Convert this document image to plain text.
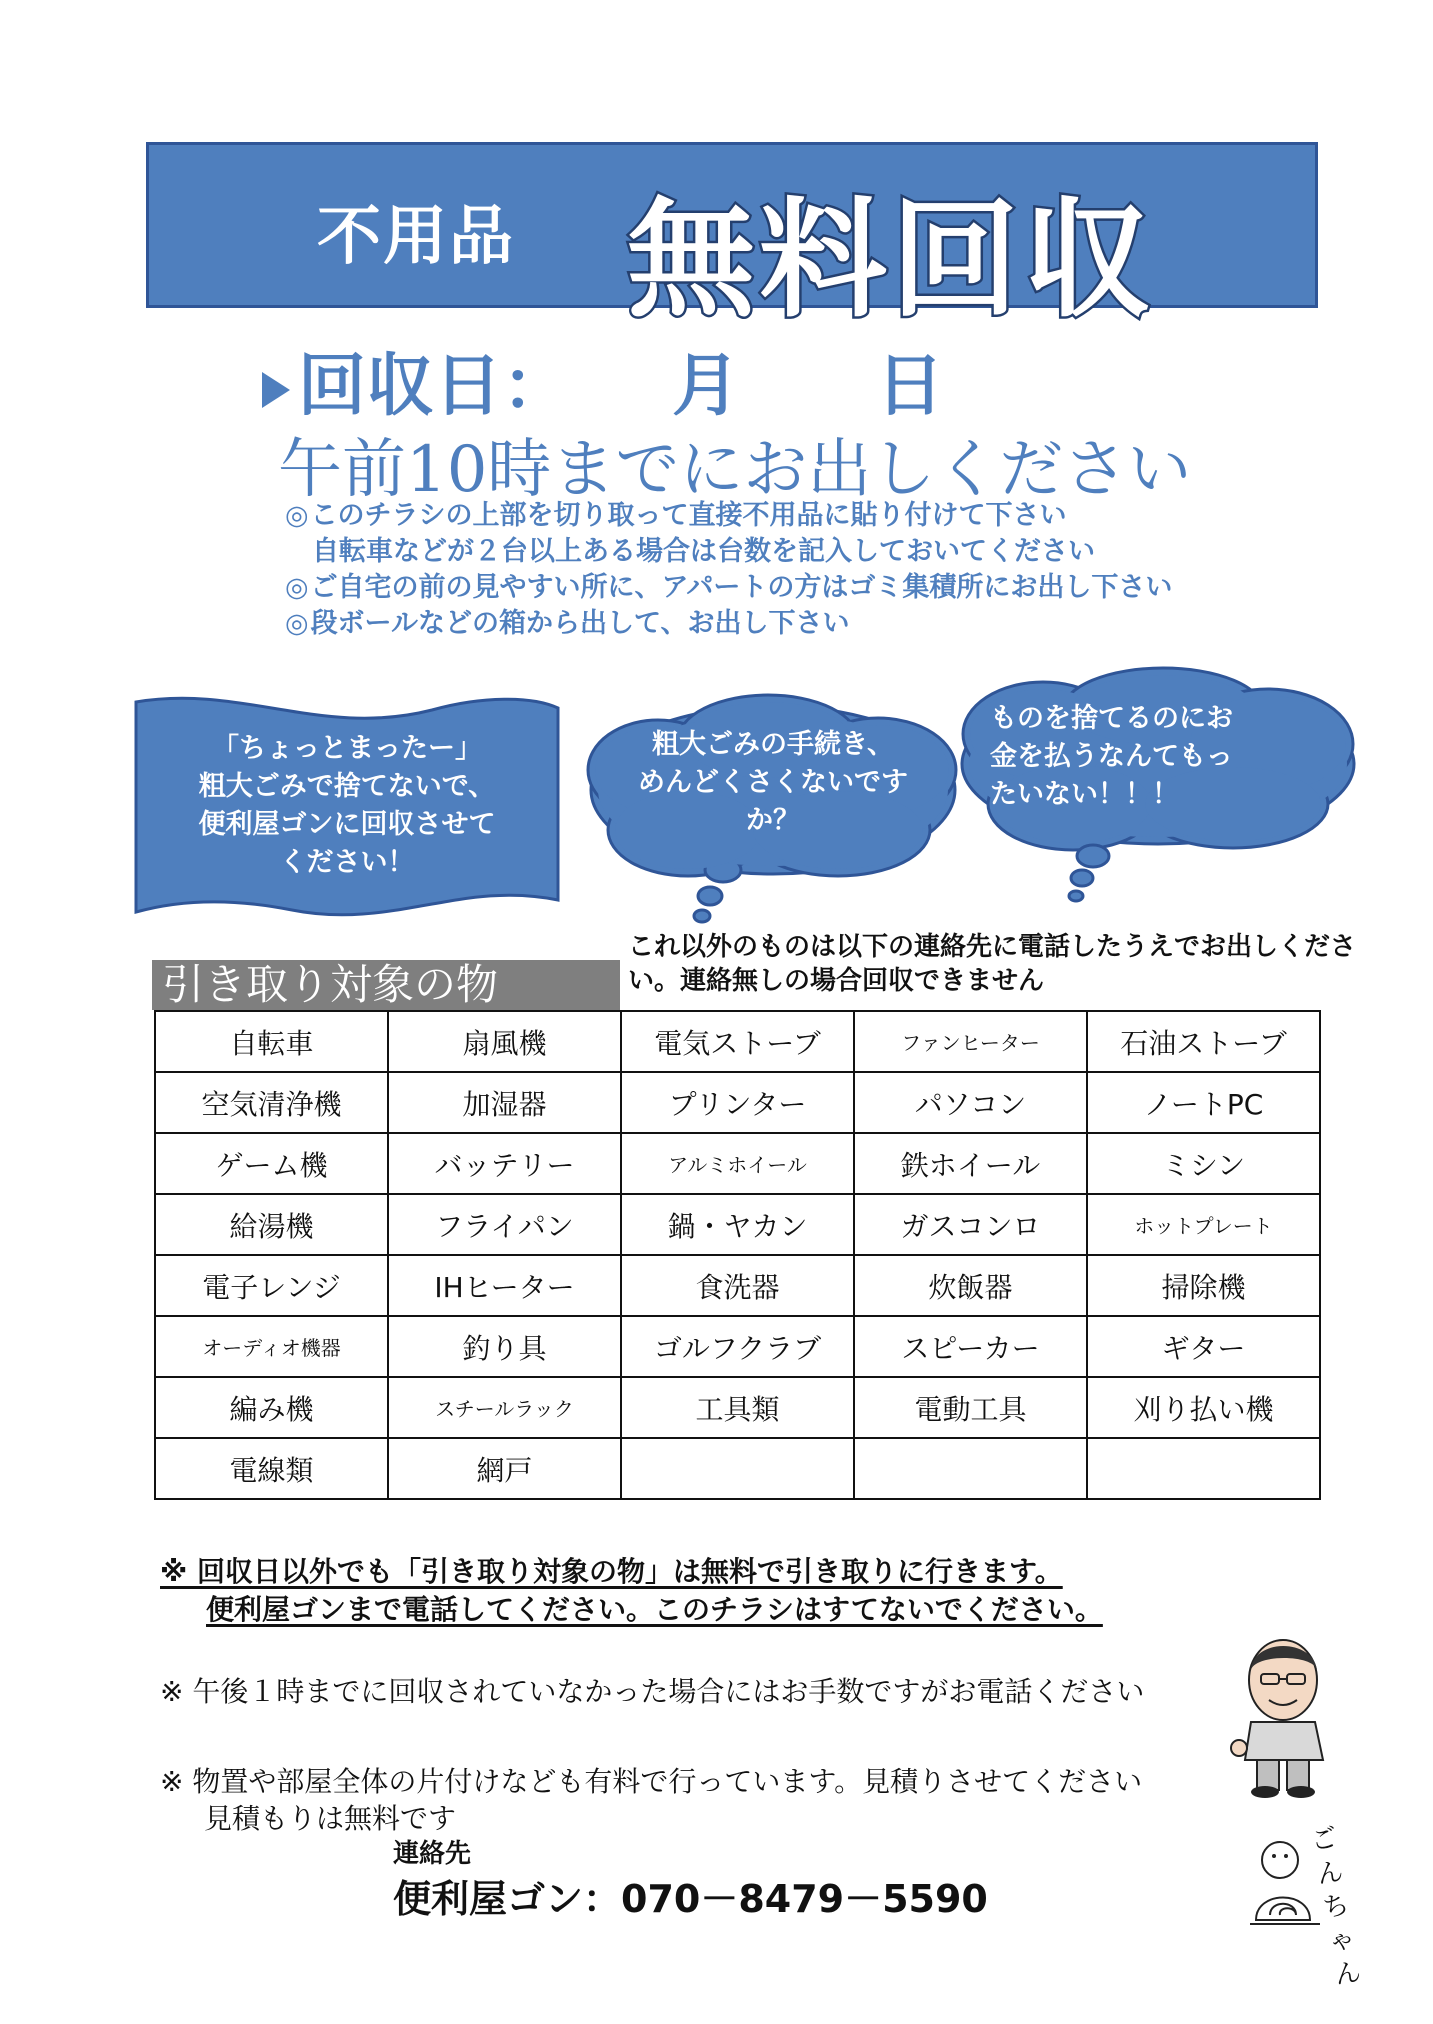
不用品 無料回収
回収日：　　月　　日
午前10時までにお出しください
◎このチラシの上部を切り取って直接不用品に貼り付けて下さい
自転車などが２台以上ある場合は台数を記入しておいてください
◎ご自宅の前の見やすい所に、アパートの方はゴミ集積所にお出し下さい
◎段ボールなどの箱から出して、お出し下さい
「ちょっとまったー」
粗大ごみで捨てないで、
便利屋ゴンに回収させて
ください！
粗大ごみの手続き、
めんどくさくないです
か？
ものを捨てるのにお
金を払うなんてもっ
たいない！！！
これ以外のものは以下の連絡先に電話したうえでお出しください。連絡無しの場合回収できません
引き取り対象の物
自転車	扇風機	電気ストーブ	ファンヒーター	石油ストーブ
空気清浄機	加湿器	プリンター	パソコン	ノートPC
ゲーム機	バッテリー	アルミホイール	鉄ホイール	ミシン
給湯機	フライパン	鍋・ヤカン	ガスコンロ	ホットプレート
電子レンジ	IHヒーター	食洗器	炊飯器	掃除機
オーディオ機器	釣り具	ゴルフクラブ	スピーカー	ギター
編み機	スチールラック	工具類	電動工具	刈り払い機
電線類	網戸			
※ 回収日以外でも「引き取り対象の物」は無料で引き取りに行きます。
便利屋ゴンまで電話してください。このチラシはすてないでください。
※ 午後１時までに回収されていなかった場合にはお手数ですがお電話ください
※ 物置や部屋全体の片付けなども有料で行っています。見積りさせてください
見積もりは無料です
連絡先
便利屋ゴン：070－8479－5590
ごんちゃん
